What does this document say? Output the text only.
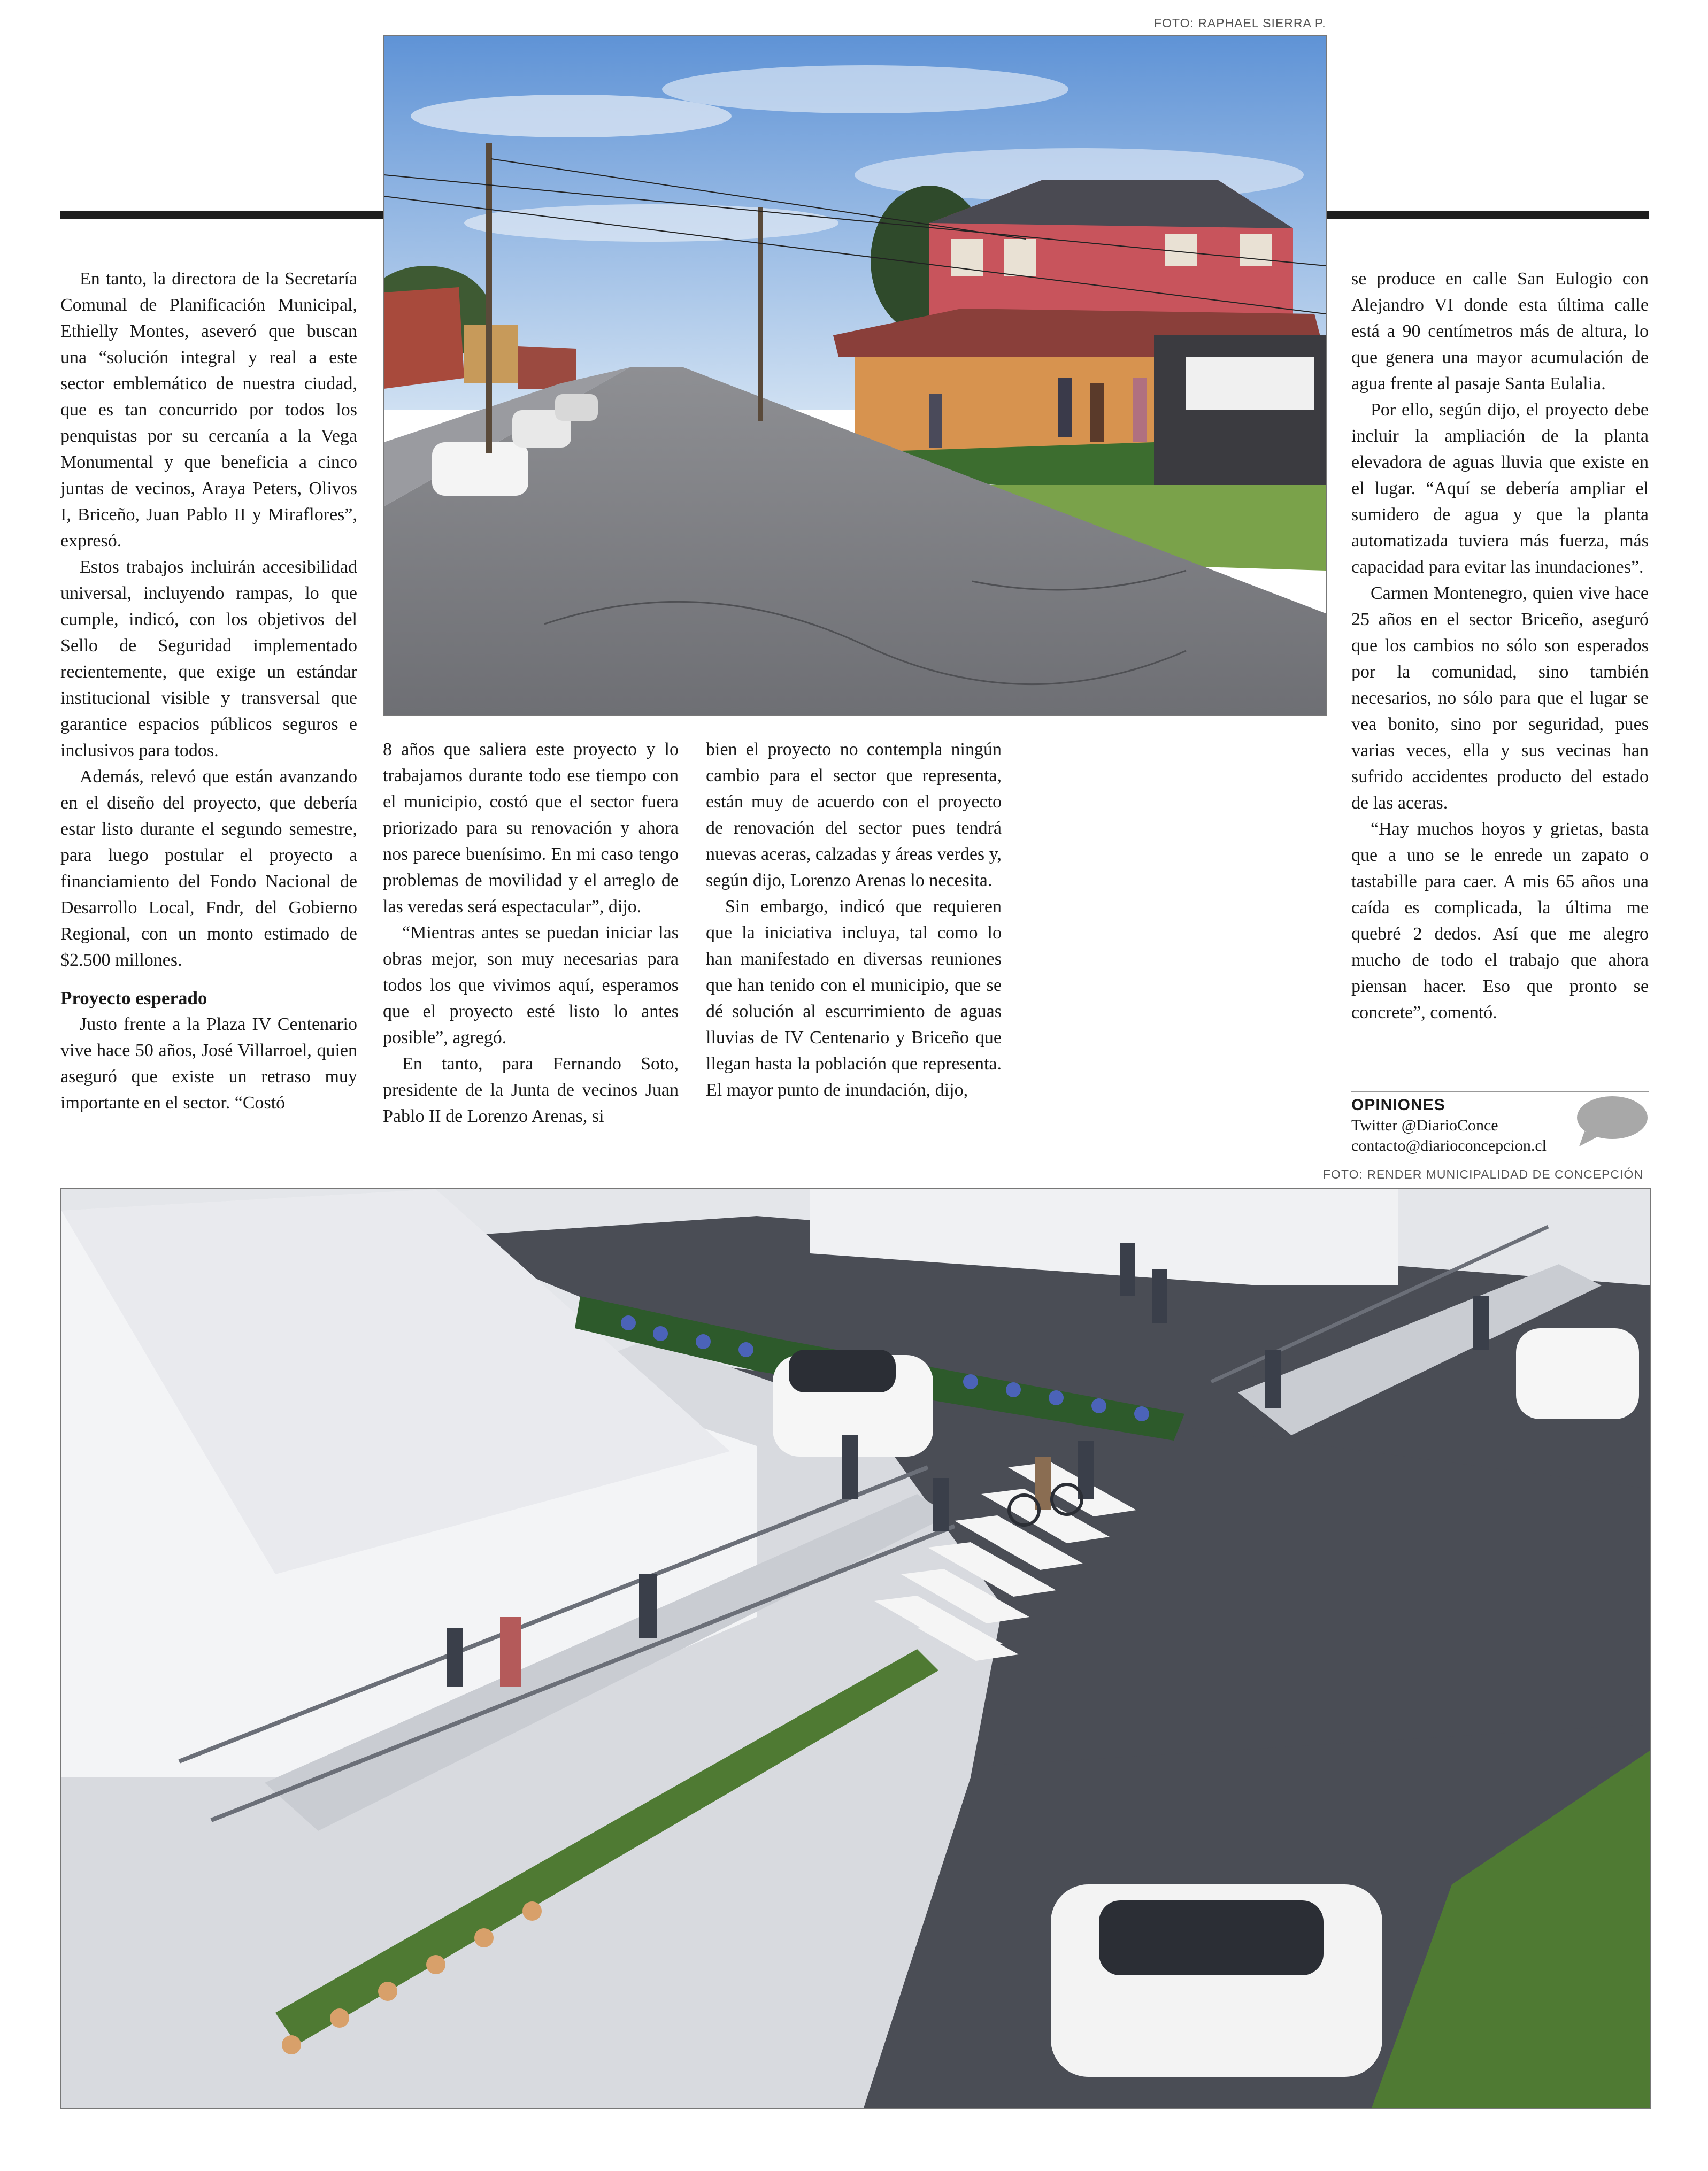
FOTO: RAPHAEL SIERRA P.

En tanto, la directora de la Secretaría Comunal de Planificación Municipal, Ethielly Montes, aseveró que buscan una “solución integral y real a este sector emblemático de nuestra ciudad, que es tan concurrido por todos los penquistas por su cercanía a la Vega Monumental y que beneficia a cinco juntas de vecinos, Araya Peters, Olivos I, Briceño, Juan Pablo II y Miraflores”, expresó.

Estos trabajos incluirán accesibilidad universal, incluyendo rampas, lo que cumple, indicó, con los objetivos del Sello de Seguridad implementado recientemente, que exige un estándar institucional visible y transversal que garantice espacios públicos seguros e inclusivos para todos.

Además, relevó que están avanzando en el diseño del proyecto, que debería estar listo durante el segundo semestre, para luego postular el proyecto a financiamiento del Fondo Nacional de Desarrollo Local, Fndr, del Gobierno Regional, con un monto estimado de $2.500 millones.

Proyecto esperado

Justo frente a la Plaza IV Centenario vive hace 50 años, José Villarroel, quien aseguró que existe un retraso muy importante en el sector. “Costó

8 años que saliera este proyecto y lo trabajamos durante todo ese tiempo con el municipio, costó que el sector fuera priorizado para su renovación y ahora nos parece buenísimo. En mi caso tengo problemas de movilidad y el arreglo de las veredas será espectacular”, dijo.

“Mientras antes se puedan iniciar las obras mejor, son muy necesarias para todos los que vivimos aquí, esperamos que el proyecto esté listo lo antes posible”, agregó.

En tanto, para Fernando Soto, presidente de la Junta de vecinos Juan Pablo II de Lorenzo Arenas, si

bien el proyecto no contempla ningún cambio para el sector que representa, están muy de acuerdo con el proyecto de renovación del sector pues tendrá nuevas aceras, calzadas y áreas verdes y, según dijo, Lorenzo Arenas lo necesita.

Sin embargo, indicó que requieren que la iniciativa incluya, tal como lo han manifestado en diversas reuniones que han tenido con el municipio, que se dé solución al escurrimiento de aguas lluvias de IV Centenario y Briceño que llegan hasta la población que representa. El mayor punto de inundación, dijo,

se produce en calle San Eulogio con Alejandro VI donde esta última calle está a 90 centímetros más de altura, lo que genera una mayor acumulación de agua frente al pasaje Santa Eulalia.

Por ello, según dijo, el proyecto debe incluir la ampliación de la planta elevadora de aguas lluvia que existe en el lugar. “Aquí se debería ampliar el sumidero de agua y que la planta automatizada tuviera más fuerza, más capacidad para evitar las inundaciones”.

Carmen Montenegro, quien vive hace 25 años en el sector Briceño, aseguró que los cambios no sólo son esperados por la comunidad, sino también necesarios, no sólo para que el lugar se vea bonito, sino por seguridad, pues varias veces, ella y sus vecinas han sufrido accidentes producto del estado de las aceras.

“Hay muchos hoyos y grietas, basta que a uno se le enrede un zapato o tastabille para caer. A mis 65 años una caída es complicada, la última me quebré 2 dedos. Así que me alegro mucho de todo el trabajo que ahora piensan hacer. Eso que pronto se concrete”, comentó.

OPINIONES
Twitter @DiarioConce
contacto@diarioconcepcion.cl
FOTO: RENDER MUNICIPALIDAD DE CONCEPCIÓN
